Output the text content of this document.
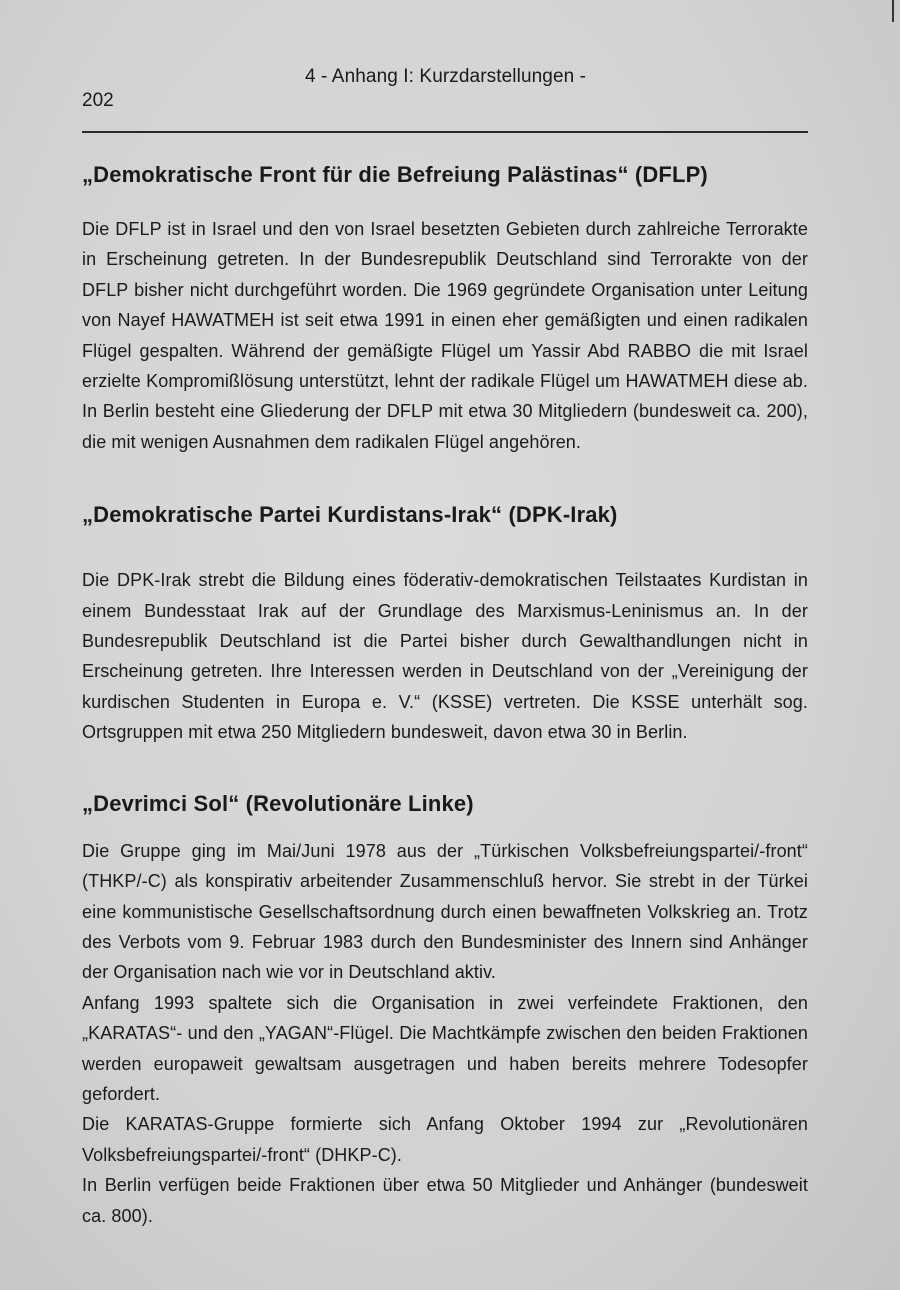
4 - Anhang I: Kurzdarstellungen -
202
„Demokratische Front für die Befreiung Palästinas“ (DFLP)

Die DFLP ist in Israel und den von Israel besetzten Gebieten durch zahlreiche Terrorakte in Erscheinung getreten. In der Bundesrepublik Deutschland sind Terrorakte von der DFLP bisher nicht durchgeführt worden. Die 1969 gegründete Organisation unter Leitung von Nayef HAWATMEH ist seit etwa 1991 in einen eher gemäßigten und einen radikalen Flügel gespalten. Während der gemäßigte Flügel um Yassir Abd RABBO die mit Israel erzielte Kompromißlösung unterstützt, lehnt der radikale Flügel um HAWATMEH diese ab. In Berlin besteht eine Gliederung der DFLP mit etwa 30 Mitgliedern (bundesweit ca. 200), die mit wenigen Ausnahmen dem radikalen Flügel angehören.

„Demokratische Partei Kurdistans-Irak“ (DPK-Irak)

Die DPK-Irak strebt die Bildung eines föderativ-demokratischen Teilstaates Kurdistan in einem Bundesstaat Irak auf der Grundlage des Marxismus-Leninismus an. In der Bundesrepublik Deutschland ist die Partei bisher durch Gewalthandlungen nicht in Erscheinung getreten. Ihre Interessen werden in Deutschland von der „Vereinigung der kurdischen Studenten in Europa e. V.“ (KSSE) vertreten. Die KSSE unterhält sog. Ortsgruppen mit etwa 250 Mitgliedern bundesweit, davon etwa 30 in Berlin.

„Devrimci Sol“ (Revolutionäre Linke)

Die Gruppe ging im Mai/Juni 1978 aus der „Türkischen Volksbefreiungspartei/-front“ (THKP/-C) als konspirativ arbeitender Zusammenschluß hervor. Sie strebt in der Türkei eine kommunistische Gesellschaftsordnung durch einen bewaffneten Volkskrieg an. Trotz des Verbots vom 9. Februar 1983 durch den Bundesminister des Innern sind Anhänger der Organisation nach wie vor in Deutschland aktiv.

Anfang 1993 spaltete sich die Organisation in zwei verfeindete Fraktionen, den „KARATAS“- und den „YAGAN“-Flügel. Die Machtkämpfe zwischen den beiden Fraktionen werden europaweit gewaltsam ausgetragen und haben bereits mehrere Todesopfer gefordert.

Die KARATAS-Gruppe formierte sich Anfang Oktober 1994 zur „Revolutionären Volksbefreiungspartei/-front“ (DHKP-C).

In Berlin verfügen beide Fraktionen über etwa 50 Mitglieder und Anhänger (bundesweit ca. 800).
